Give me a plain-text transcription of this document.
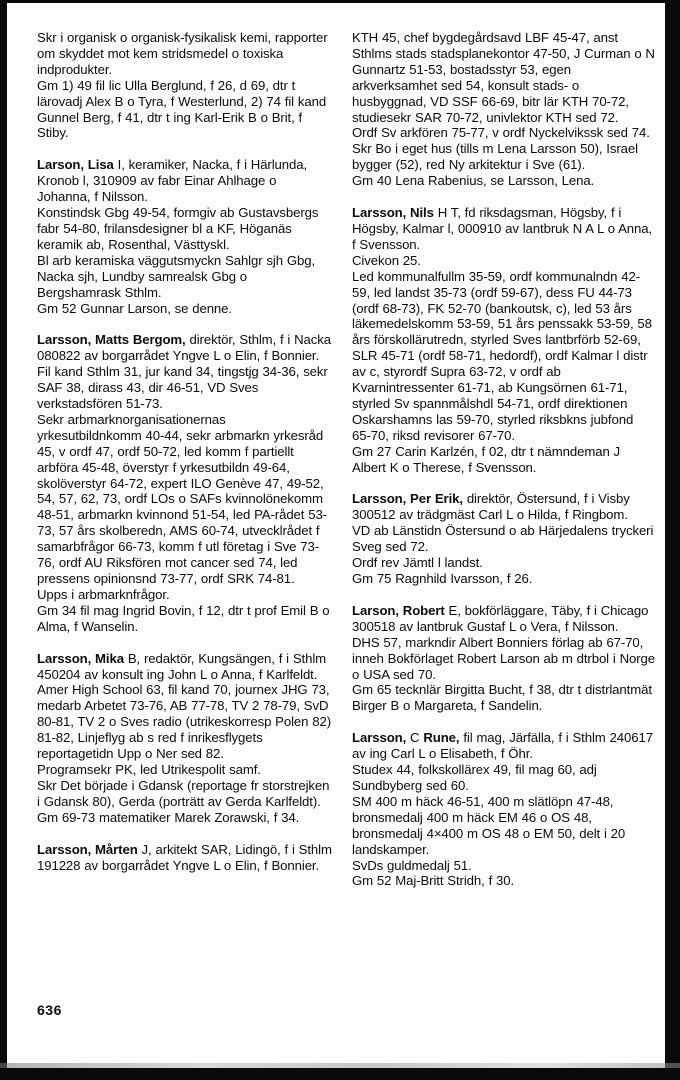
Skr i organisk o organisk-fysikalisk kemi, rapporter om skyddet mot kem stridsmedel o toxiska indprodukter.
Gm 1) 49 fil lic Ulla Berglund, f 26, d 69, dtr t lärovadj Alex B o Tyra, f Westerlund, 2) 74 fil kand Gunnel Berg, f 41, dtr t ing Karl-Erik B o Brit, f Stiby.
Larson, Lisa I, keramiker, Nacka, f i Härlunda, Kronob l, 310909 av fabr Einar Ahlhage o Johanna, f Nilsson.
Konstindsk Gbg 49-54, formgiv ab Gustavsbergs fabr 54-80, frilansdesigner bl a KF, Höganäs keramik ab, Rosenthal, Västtyskl.
Bl arb keramiska väggutsmyckn Sahlgr sjh Gbg, Nacka sjh, Lundby samrealsk Gbg o Bergshamrask Sthlm.
Gm 52 Gunnar Larson, se denne.
Larsson, Matts Bergom, direktör, Sthlm, f i Nacka 080822 av borgarrådet Yngve L o Elin, f Bonnier.
Fil kand Sthlm 31, jur kand 34, tingstjg 34-36, sekr SAF 38, dirass 43, dir 46-51, VD Sves verkstadsfören 51-73.
Sekr arbmarknorganisationernas yrkesutbildnkomm 40-44, sekr arbmarkn yrkesråd 45, v ordf 47, ordf 50-72, led komm f partiellt arbföra 45-48, överstyr f yrkesutbildn 49-64, skolöverstyr 64-72, expert ILO Genève 47, 49-52, 54, 57, 62, 73, ordf LOs o SAFs kvinnolönekomm 48-51, arbmarkn kvinnond 51-54, led PA-rådet 53-73, 57 års skolberedn, AMS 60-74, utvecklrådet f samarbfrågor 66-73, komm f utl företag i Sve 73-76, ordf AU Riksfören mot cancer sed 74, led pressens opinionsnd 73-77, ordf SRK 74-81.
Upps i arbmarknfrågor.
Gm 34 fil mag Ingrid Bovin, f 12, dtr t prof Emil B o Alma, f Wanselin.
Larsson, Mika B, redaktör, Kungsängen, f i Sthlm 450204 av konsult ing John L o Anna, f Karlfeldt.
Amer High School 63, fil kand 70, journex JHG 73, medarb Arbetet 73-76, AB 77-78, TV 2 78-79, SvD 80-81, TV 2 o Sves radio (utrikeskorresp Polen 82) 81-82, Linjeflyg ab s red f inrikesflygets reportagetidn Upp o Ner sed 82.
Programsekr PK, led Utrikespolit samf.
Skr Det började i Gdansk (reportage fr storstrejken i Gdansk 80), Gerda (porträtt av Gerda Karlfeldt).
Gm 69-73 matematiker Marek Zorawski, f 34.
Larsson, Mårten J, arkitekt SAR, Lidingö, f i Sthlm 191228 av borgarrådet Yngve L o Elin, f Bonnier.
KTH 45, chef bygdegårdsavd LBF 45-47, anst Sthlms stads stadsplanekontor 47-50, J Curman o N Gunnartz 51-53, bostadsstyr 53, egen arkverksamhet sed 54, konsult stads- o husbyggnad, VD SSF 66-69, bitr lär KTH 70-72, studiesekr SAR 70-72, univlektor KTH sed 72.
Ordf Sv arkfören 75-77, v ordf Nyckelvikssk sed 74.
Skr Bo i eget hus (tills m Lena Larsson 50), Israel bygger (52), red Ny arkitektur i Sve (61).
Gm 40 Lena Rabenius, se Larsson, Lena.
Larsson, Nils H T, fd riksdagsman, Högsby, f i Högsby, Kalmar l, 000910 av lantbruk N A L o Anna, f Svensson.
Civekon 25.
Led kommunalfullm 35-59, ordf kommunalndn 42-59, led landst 35-73 (ordf 59-67), dess FU 44-73 (ordf 68-73), FK 52-70 (bankoutsk, c), led 53 års läkemedelskomm 53-59, 51 års penssakk 53-59, 58 års förskollärutredn, styrled Sves lantbrförb 52-69, SLR 45-71 (ordf 58-71, hedordf), ordf Kalmar l distr av c, styrordf Supra 63-72, v ordf ab Kvarnintressenter 61-71, ab Kungsörnen 61-71, styrled Sv spannmålshdl 54-71, ordf direktionen Oskarshamns las 59-70, styrled riksbkns jubfond 65-70, riksd revisorer 67-70.
Gm 27 Carin Karlzén, f 02, dtr t nämndeman J Albert K o Therese, f Svensson.
Larsson, Per Erik, direktör, Östersund, f i Visby 300512 av trädgmäst Carl L o Hilda, f Ringbom.
VD ab Länstidn Östersund o ab Härjedalens tryckeri Sveg sed 72.
Ordf rev Jämtl l landst.
Gm 75 Ragnhild Ivarsson, f 26.
Larson, Robert E, bokförläggare, Täby, f i Chicago 300518 av lantbruk Gustaf L o Vera, f Nilsson.
DHS 57, markndir Albert Bonniers förlag ab 67-70, inneh Bokförlaget Robert Larson ab m dtrbol i Norge o USA sed 70.
Gm 65 tecknlär Birgitta Bucht, f 38, dtr t distrlantmät Birger B o Margareta, f Sandelin.
Larsson, C Rune, fil mag, Järfälla, f i Sthlm 240617 av ing Carl L o Elisabeth, f Öhr.
Studex 44, folkskollärex 49, fil mag 60, adj Sundbyberg sed 60.
SM 400 m häck 46-51, 400 m slätlöpn 47-48, bronsmedalj 400 m häck EM 46 o OS 48, bronsmedalj 4×400 m OS 48 o EM 50, delt i 20 landskamper.
SvDs guldmedalj 51.
Gm 52 Maj-Britt Stridh, f 30.
636
